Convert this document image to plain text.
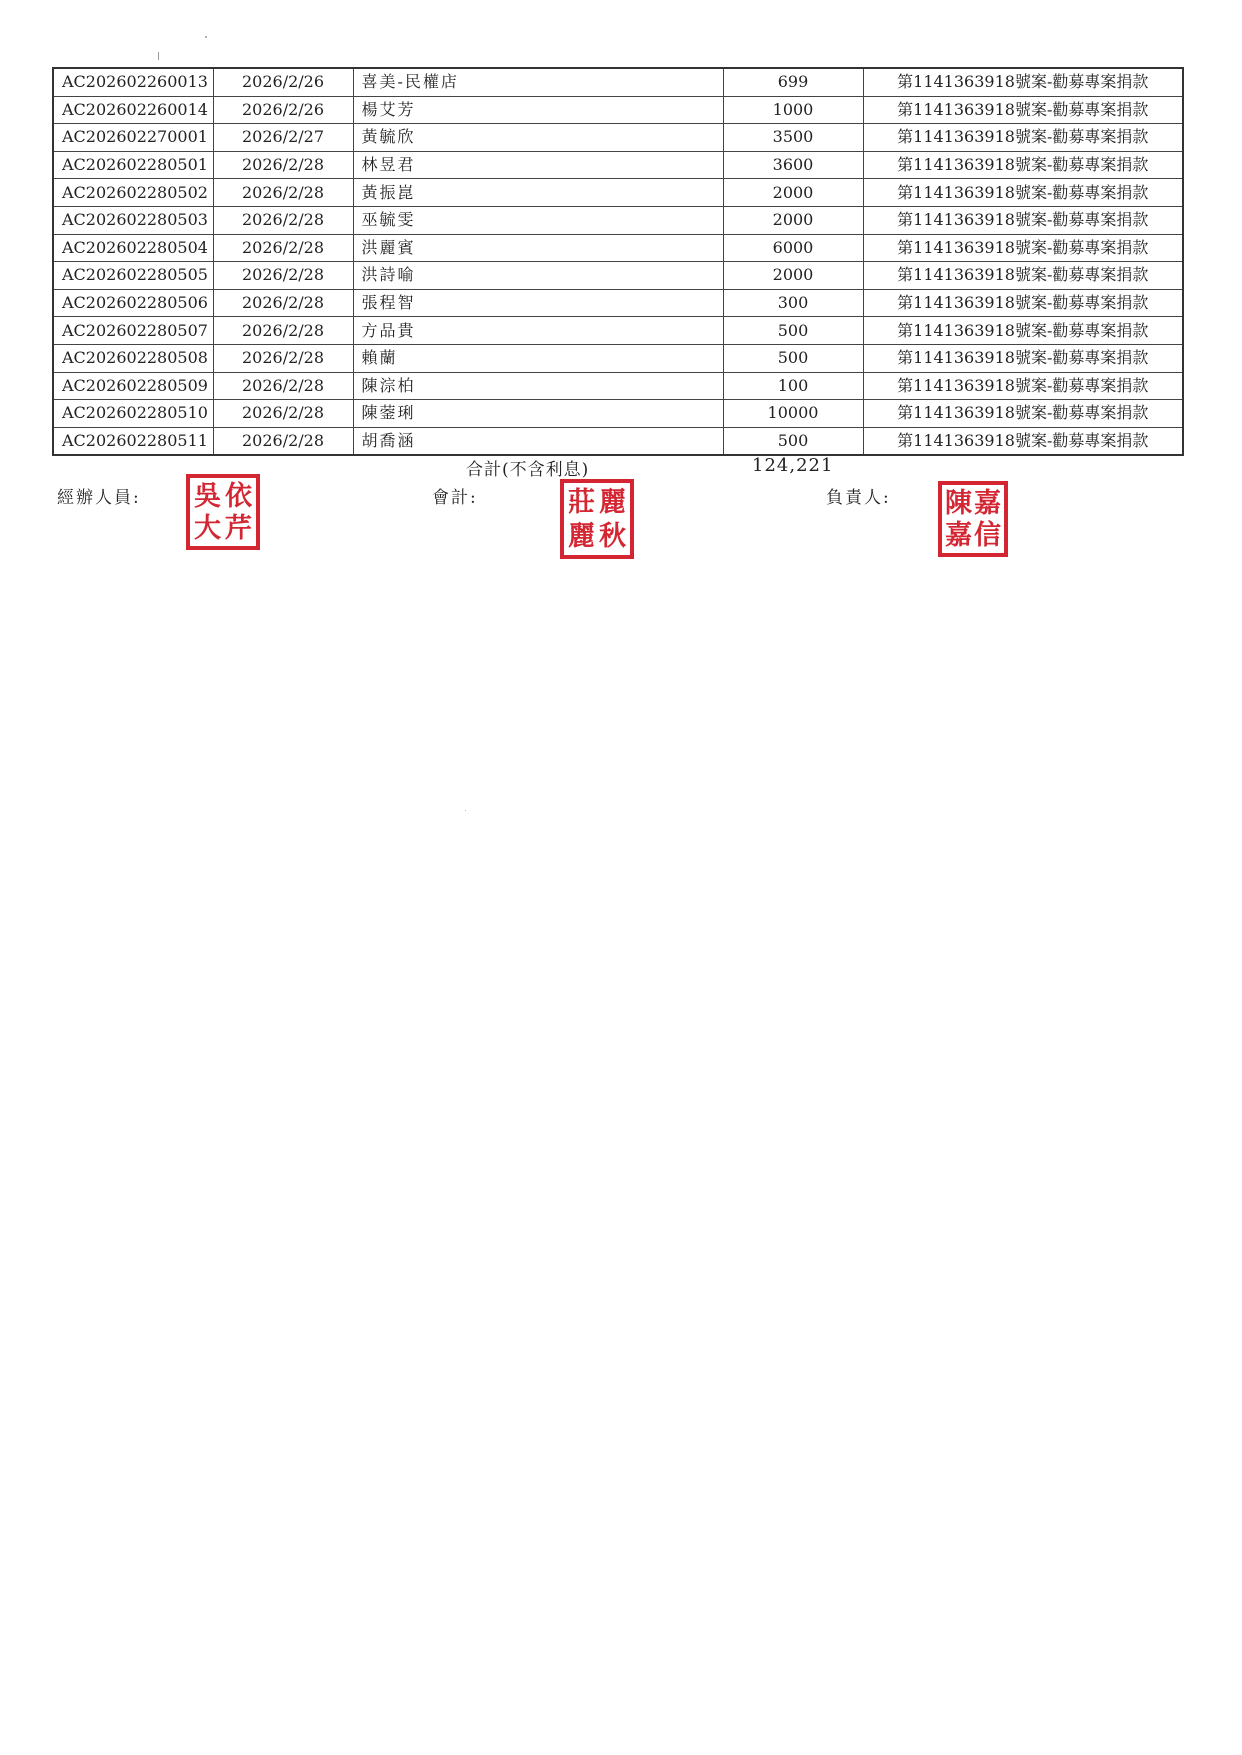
AC202602260013	2026/2/26	喜美-民權店	699	第1141363918號案-勸募專案捐款
AC202602260014	2026/2/26	楊艾芳	1000	第1141363918號案-勸募專案捐款
AC202602270001	2026/2/27	黃毓欣	3500	第1141363918號案-勸募專案捐款
AC202602280501	2026/2/28	林昱君	3600	第1141363918號案-勸募專案捐款
AC202602280502	2026/2/28	黃振崑	2000	第1141363918號案-勸募專案捐款
AC202602280503	2026/2/28	巫毓雯	2000	第1141363918號案-勸募專案捐款
AC202602280504	2026/2/28	洪麗賓	6000	第1141363918號案-勸募專案捐款
AC202602280505	2026/2/28	洪詩喻	2000	第1141363918號案-勸募專案捐款
AC202602280506	2026/2/28	張程智	300	第1141363918號案-勸募專案捐款
AC202602280507	2026/2/28	方品貴	500	第1141363918號案-勸募專案捐款
AC202602280508	2026/2/28	賴蘭	500	第1141363918號案-勸募專案捐款
AC202602280509	2026/2/28	陳淙柏	100	第1141363918號案-勸募專案捐款
AC202602280510	2026/2/28	陳蓥琍	10000	第1141363918號案-勸募專案捐款
AC202602280511	2026/2/28	胡喬涵	500	第1141363918號案-勸募專案捐款
合計(不含利息)	124,221
經辦人員:	會計:	負責人:
吳
大
依
芹
莊
麗
麗
秋
陳
嘉
嘉
信
